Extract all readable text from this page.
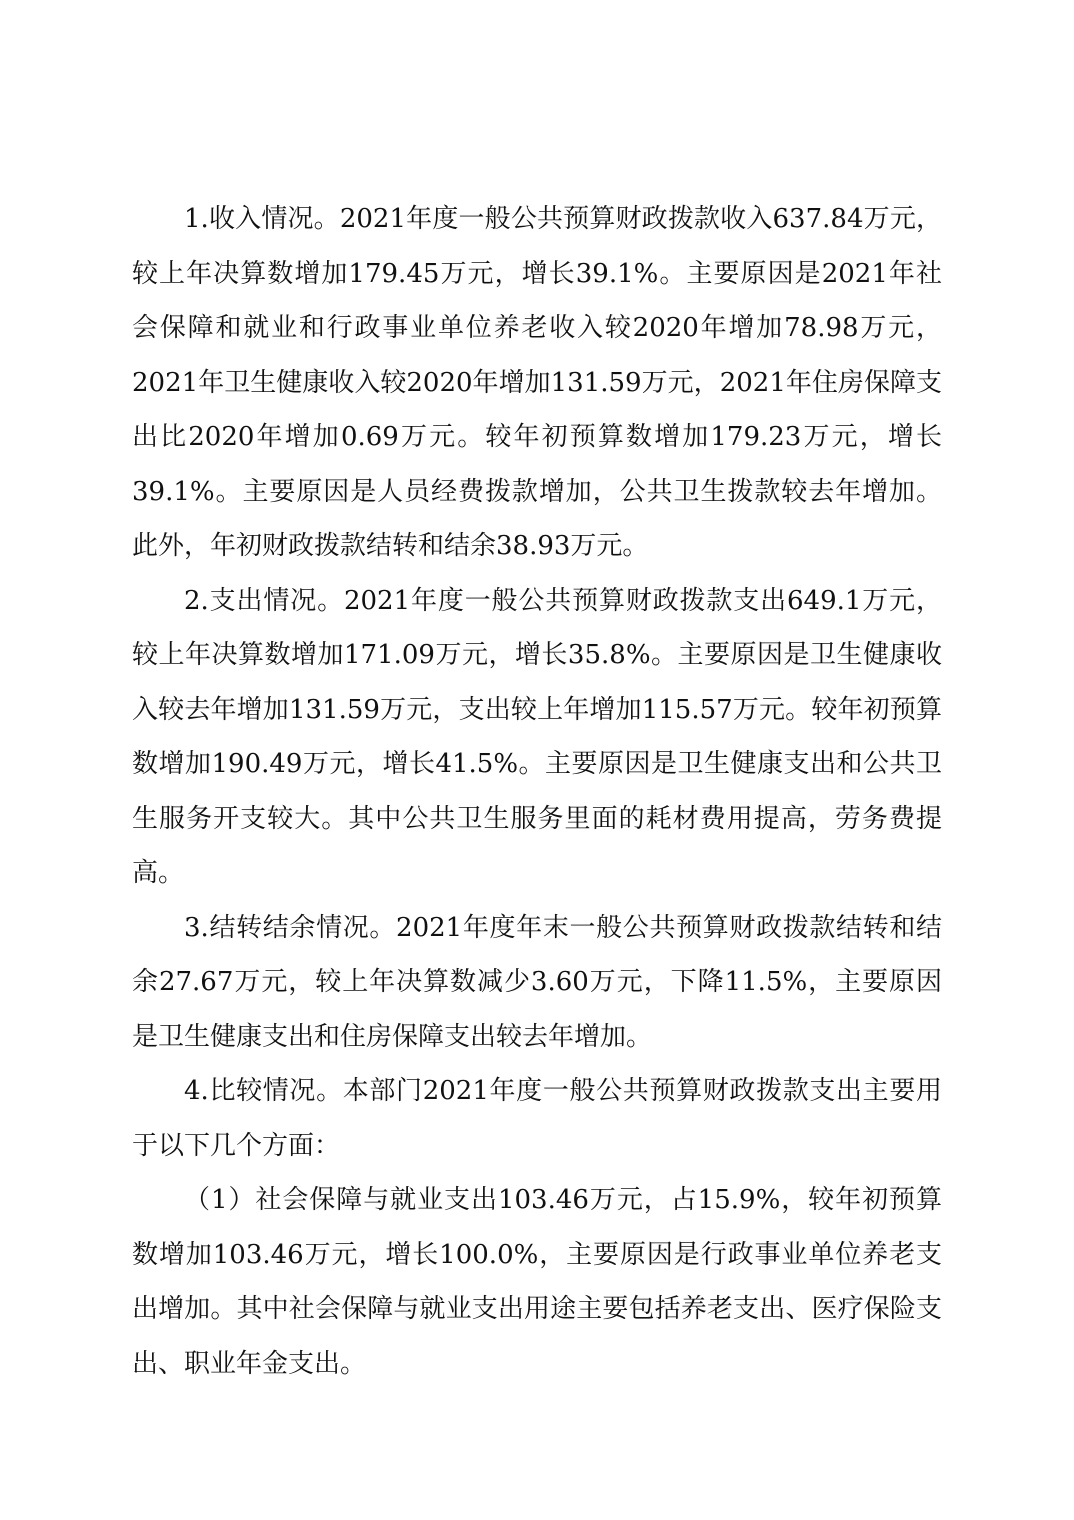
1.收入情况。2021年度一般公共预算财政拨款收入637.84万元，较上年决算数增加179.45万元，增长39.1%。主要原因是2021年社会保障和就业和行政事业单位养老收入较2020年增加78.98万元，2021年卫生健康收入较2020年增加131.59万元，2021年住房保障支出比2020年增加0.69万元。较年初预算数增加179.23万元，增长39.1%。主要原因是人员经费拨款增加，公共卫生拨款较去年增加。此外，年初财政拨款结转和结余38.93万元。

2.支出情况。2021年度一般公共预算财政拨款支出649.1万元，较上年决算数增加171.09万元，增长35.8%。主要原因是卫生健康收入较去年增加131.59万元，支出较上年增加115.57万元。较年初预算数增加190.49万元，增长41.5%。主要原因是卫生健康支出和公共卫生服务开支较大。其中公共卫生服务里面的耗材费用提高，劳务费提高。

3.结转结余情况。2021年度年末一般公共预算财政拨款结转和结余27.67万元，较上年决算数减少3.60万元，下降11.5%，主要原因是卫生健康支出和住房保障支出较去年增加。

4.比较情况。本部门2021年度一般公共预算财政拨款支出主要用于以下几个方面：

（1）社会保障与就业支出103.46万元，占15.9%，较年初预算数增加103.46万元，增长100.0%，主要原因是行政事业单位养老支出增加。其中社会保障与就业支出用途主要包括养老支出、医疗保险支出、职业年金支出。
